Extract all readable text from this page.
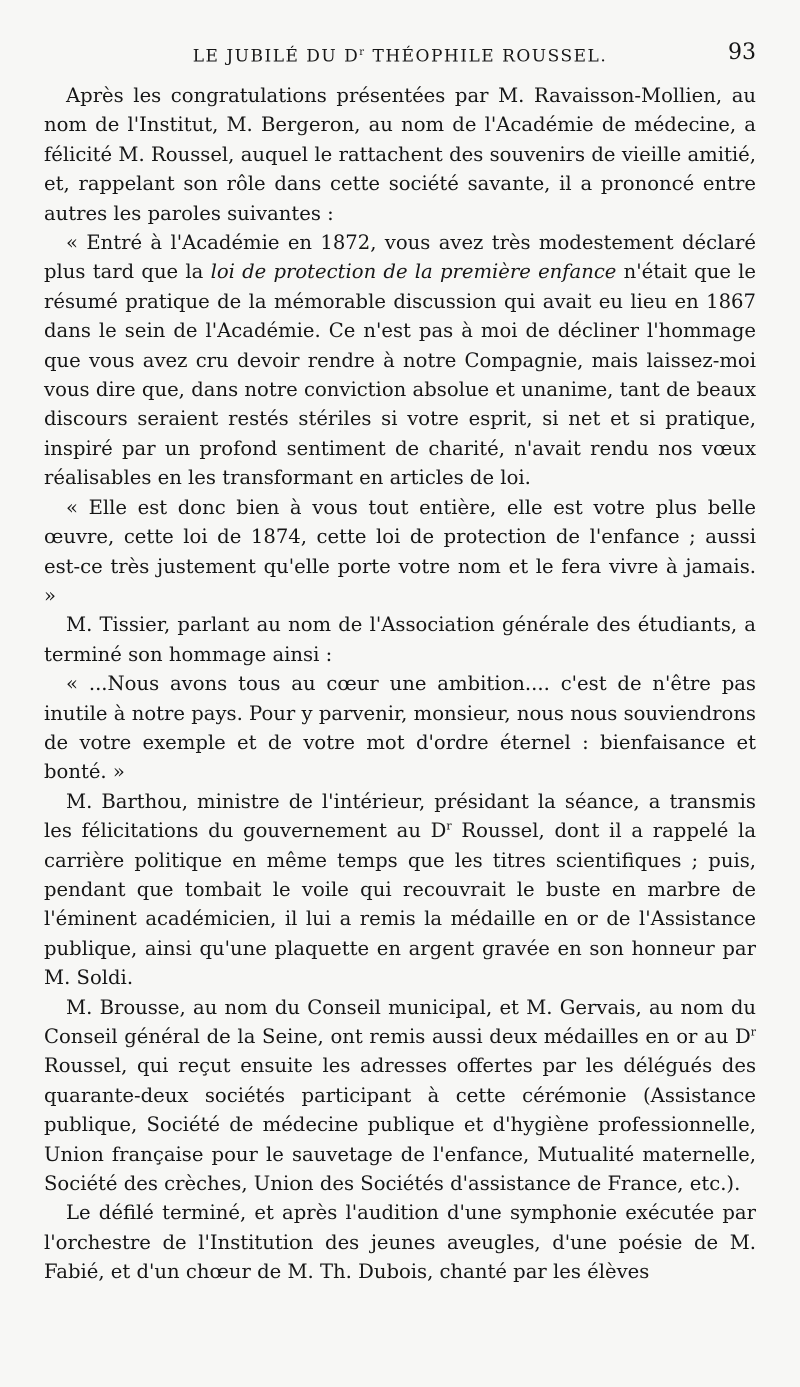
LE JUBILÉ DU $D^r$ THÉOPHILE ROUSSEL.	93

Après les congratulations présentées par M. Ravaisson-Mollien, au nom de l'Institut, M. Bergeron, au nom de l'Académie de médecine, a félicité M. Roussel, auquel le rattachent des souvenirs de vieille amitié, et, rappelant son rôle dans cette société savante, il a prononcé entre autres les paroles suivantes :

« Entré à l'Académie en 1872, vous avez très modestement déclaré plus tard que la loi de protection de la première enfance n'était que le résumé pratique de la mémorable discussion qui avait eu lieu en 1867 dans le sein de l'Académie. Ce n'est pas à moi de décliner l'hommage que vous avez cru devoir rendre à notre Compagnie, mais laissez-moi vous dire que, dans notre conviction absolue et unanime, tant de beaux discours seraient restés stériles si votre esprit, si net et si pratique, inspiré par un profond sentiment de charité, n'avait rendu nos vœux réalisables en les transformant en articles de loi.

« Elle est donc bien à vous tout entière, elle est votre plus belle œuvre, cette loi de 1874, cette loi de protection de l'enfance ; aussi est-ce très justement qu'elle porte votre nom et le fera vivre à jamais. »

M. Tissier, parlant au nom de l'Association générale des étudiants, a terminé son hommage ainsi :

« ...Nous avons tous au cœur une ambition.... c'est de n'être pas inutile à notre pays. Pour y parvenir, monsieur, nous nous souviendrons de votre exemple et de votre mot d'ordre éternel : bienfaisance et bonté. »

M. Barthou, ministre de l'intérieur, présidant la séance, a transmis les félicitations du gouvernement au $D^r$ Roussel, dont il a rappelé la carrière politique en même temps que les titres scientifiques ; puis, pendant que tombait le voile qui recouvrait le buste en marbre de l'éminent académicien, il lui a remis la médaille en or de l'Assistance publique, ainsi qu'une plaquette en argent gravée en son honneur par M. Soldi.

M. Brousse, au nom du Conseil municipal, et M. Gervais, au nom du Conseil général de la Seine, ont remis aussi deux médailles en or au $D^r$ Roussel, qui reçut ensuite les adresses offertes par les délégués des quarante-deux sociétés participant à cette cérémonie (Assistance publique, Société de médecine publique et d'hygiène professionnelle, Union française pour le sauvetage de l'enfance, Mutualité maternelle, Société des crèches, Union des Sociétés d'assistance de France, etc.).

Le défilé terminé, et après l'audition d'une symphonie exécutée par l'orchestre de l'Institution des jeunes aveugles, d'une poésie de M. Fabié, et d'un chœur de M. Th. Dubois, chanté par les élèves
